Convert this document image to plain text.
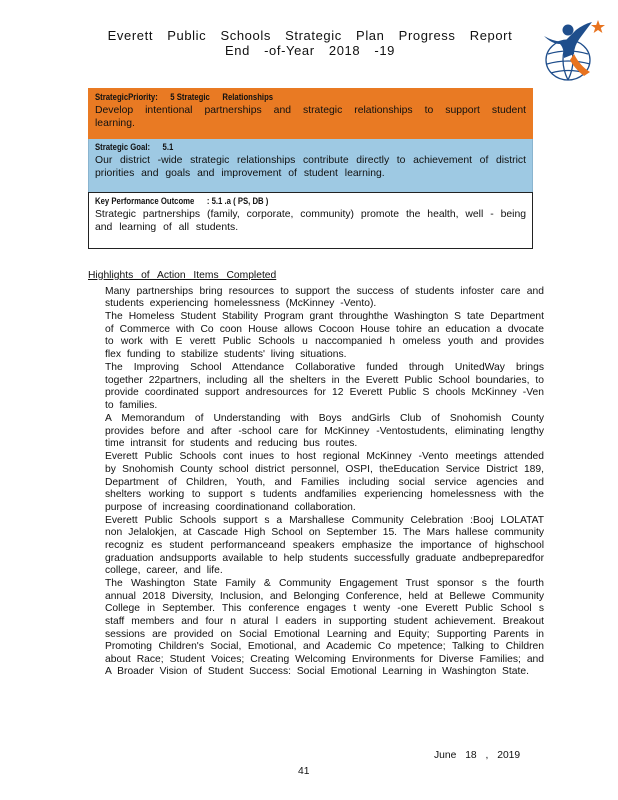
Everett Public Schools Strategic Plan Progress Report
End -of-Year 2018 -19
StrategicPriority: 5 Strategic Relationships
Develop intentional partnerships and strategic relationships to support student learning.
Strategic Goal: 5.1
Our district -wide strategic relationships contribute directly to achievement of district priorities and goals and improvement of student learning.
Key Performance Outcome : 5.1 .a ( PS, DB )
Strategic partnerships (family, corporate, community) promote the health, well - being and learning of all students.
Highlights of Action Items Completed
Many partnerships bring resources to support the success of students infoster care and students experiencing homelessness (McKinney -Vento).
The Homeless Student Stability Program grant throughthe Washington S tate Department of Commerce with Co coon House allows Cocoon House tohire an education a dvocate to work with E verett Public Schools u naccompanied h omeless youth and provides flex funding to stabilize students' living situations.
The Improving School Attendance Collaborative funded through UnitedWay brings together 22partners, including all the shelters in the Everett Public School boundaries, to provide coordinated support andresources for 12 Everett Public S chools McKinney -Ven to families.
A Memorandum of Understanding with Boys andGirls Club of Snohomish County provides before and after -school care for McKinney -Ventostudents, eliminating lengthy time intransit for students and reducing bus routes.
Everett Public Schools cont inues to host regional McKinney -Vento meetings attended by Snohomish County school district personnel, OSPI, theEducation Service District 189, Department of Children, Youth, and Families including social service agencies and shelters working to support s tudents andfamilies experiencing homelessness with the purpose of increasing coordinationand collaboration.
Everett Public Schools support s a Marshallese Community Celebration :Booj LOLATAT non Jelalokjen, at Cascade High School on September 15. The Mars hallese community recogniz es student performanceand speakers emphasize the importance of highschool graduation andsupports available to help students successfully graduate andbepreparedfor college, career, and life.
The Washington State Family & Community Engagement Trust sponsor s the fourth annual 2018 Diversity, Inclusion, and Belonging Conference, held at Bellewe Community College in September. This conference engages t wenty -one Everett Public School s staff members and four n atural l eaders in supporting student achievement. Breakout sessions are provided on Social Emotional Learning and Equity; Supporting Parents in Promoting Children's Social, Emotional, and Academic Co mpetence; Talking to Children about Race; Student Voices; Creating Welcoming Environments for Diverse Families; and A Broader Vision of Student Success: Social Emotional Learning in Washington State.
June 18 , 2019
41
